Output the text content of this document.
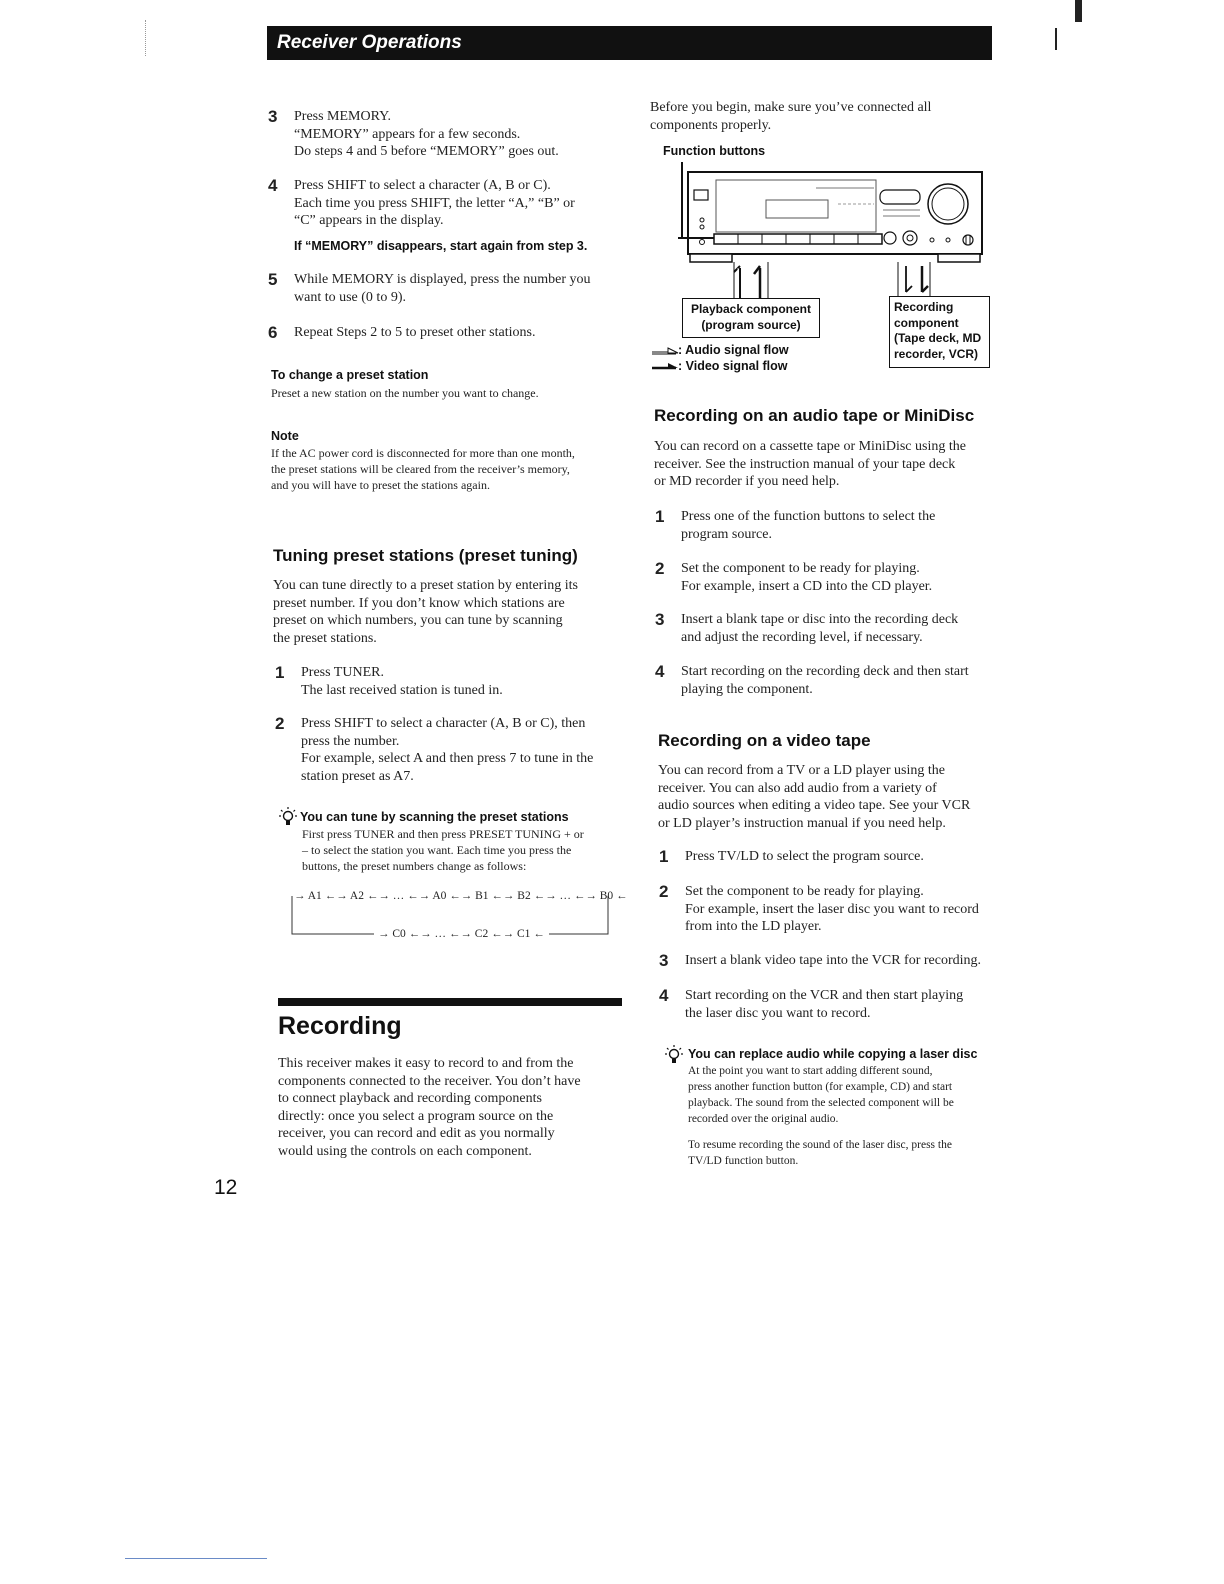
Receiver Operations
3 Press MEMORY.
“MEMORY” appears for a few seconds.
Do steps 4 and 5 before “MEMORY” goes out.
4 Press SHIFT to select a character (A, B or C).
Each time you press SHIFT, the letter “A,” “B” or
“C” appears in the display.
If “MEMORY” disappears, start again from step 3.
5 While MEMORY is displayed, press the number you
want to use (0 to 9).
6 Repeat Steps 2 to 5 to preset other stations.
To change a preset station
Preset a new station on the number you want to change.
Note
If the AC power cord is disconnected for more than one month,
the preset stations will be cleared from the receiver’s memory,
and you will have to preset the stations again.
Tuning preset stations (preset tuning)
You can tune directly to a preset station by entering its
preset number. If you don’t know which stations are
preset on which numbers, you can tune by scanning
the preset stations.
1 Press TUNER.
The last received station is tuned in.
2 Press SHIFT to select a character (A, B or C), then
press the number.
For example, select A and then press 7 to tune in the
station preset as A7.
You can tune by scanning the preset stations
First press TUNER and then press PRESET TUNING + or
– to select the station you want. Each time you press the
buttons, the preset numbers change as follows:
→ A1 ←→ A2 ←→ … ←→ A0 ←→ B1 ←→ B2 ←→ … ←→ B0 ←
→ C0 ←→ … ←→ C2 ←→ C1 ←
Recording
This receiver makes it easy to record to and from the
components connected to the receiver. You don’t have
to connect playback and recording components
directly: once you select a program source on the
receiver, you can record and edit as you normally
would using the controls on each component.
12
Before you begin, make sure you’ve connected all
components properly.
Function buttons
Playback component
(program source)
Recording
component
(Tape deck, MD
recorder, VCR)
: Audio signal flow
: Video signal flow
Recording on an audio tape or MiniDisc
You can record on a cassette tape or MiniDisc using the
receiver. See the instruction manual of your tape deck
or MD recorder if you need help.
1 Press one of the function buttons to select the
program source.
2 Set the component to be ready for playing.
For example, insert a CD into the CD player.
3 Insert a blank tape or disc into the recording deck
and adjust the recording level, if necessary.
4 Start recording on the recording deck and then start
playing the component.
Recording on a video tape
You can record from a TV or a LD player using the
receiver. You can also add audio from a variety of
audio sources when editing a video tape. See your VCR
or LD player’s instruction manual if you need help.
1 Press TV/LD to select the program source.
2 Set the component to be ready for playing.
For example, insert the laser disc you want to record
from into the LD player.
3 Insert a blank video tape into the VCR for recording.
4 Start recording on the VCR and then start playing
the laser disc you want to record.
You can replace audio while copying a laser disc
At the point you want to start adding different sound,
press another function button (for example, CD) and start
playback. The sound from the selected component will be
recorded over the original audio.
To resume recording the sound of the laser disc, press the
TV/LD function button.
